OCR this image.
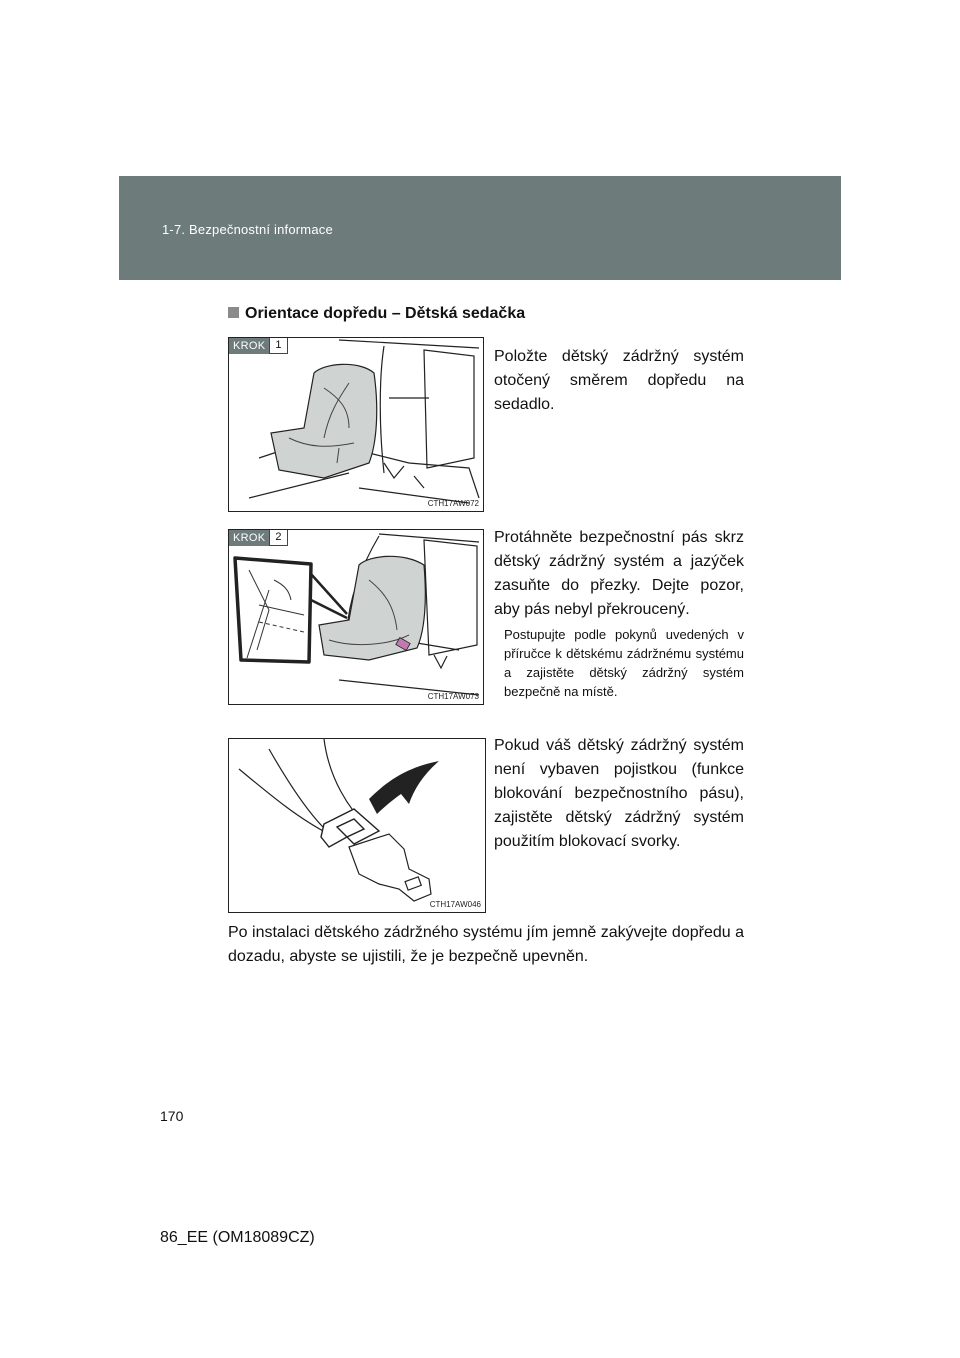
1-7. Bezpečnostní informace
Orientace dopředu – Dětská sedačka
KROK 1
CTH17AW072
Položte dětský zádržný systém otočený směrem dopředu na sedadlo.
KROK 2
CTH17AW073
Protáhněte bezpečnostní pás skrz dětský zádržný systém a jazýček zasuňte do přezky. Dejte pozor, aby pás nebyl překroucený.
Postupujte podle pokynů uvedených v příručce k dětskému zádržnému systému a zajistěte dětský zádržný systém bezpečně na místě.
CTH17AW046
Pokud váš dětský zádržný systém není vybaven pojistkou (funkce blokování bezpečnostního pásu), zajistěte dětský zádržný systém použitím blokovací svorky.
Po instalaci dětského zádržného systému jím jemně zakývejte dopředu a dozadu, abyste se ujistili, že je bezpečně upevněn.
170
86_EE (OM18089CZ)
